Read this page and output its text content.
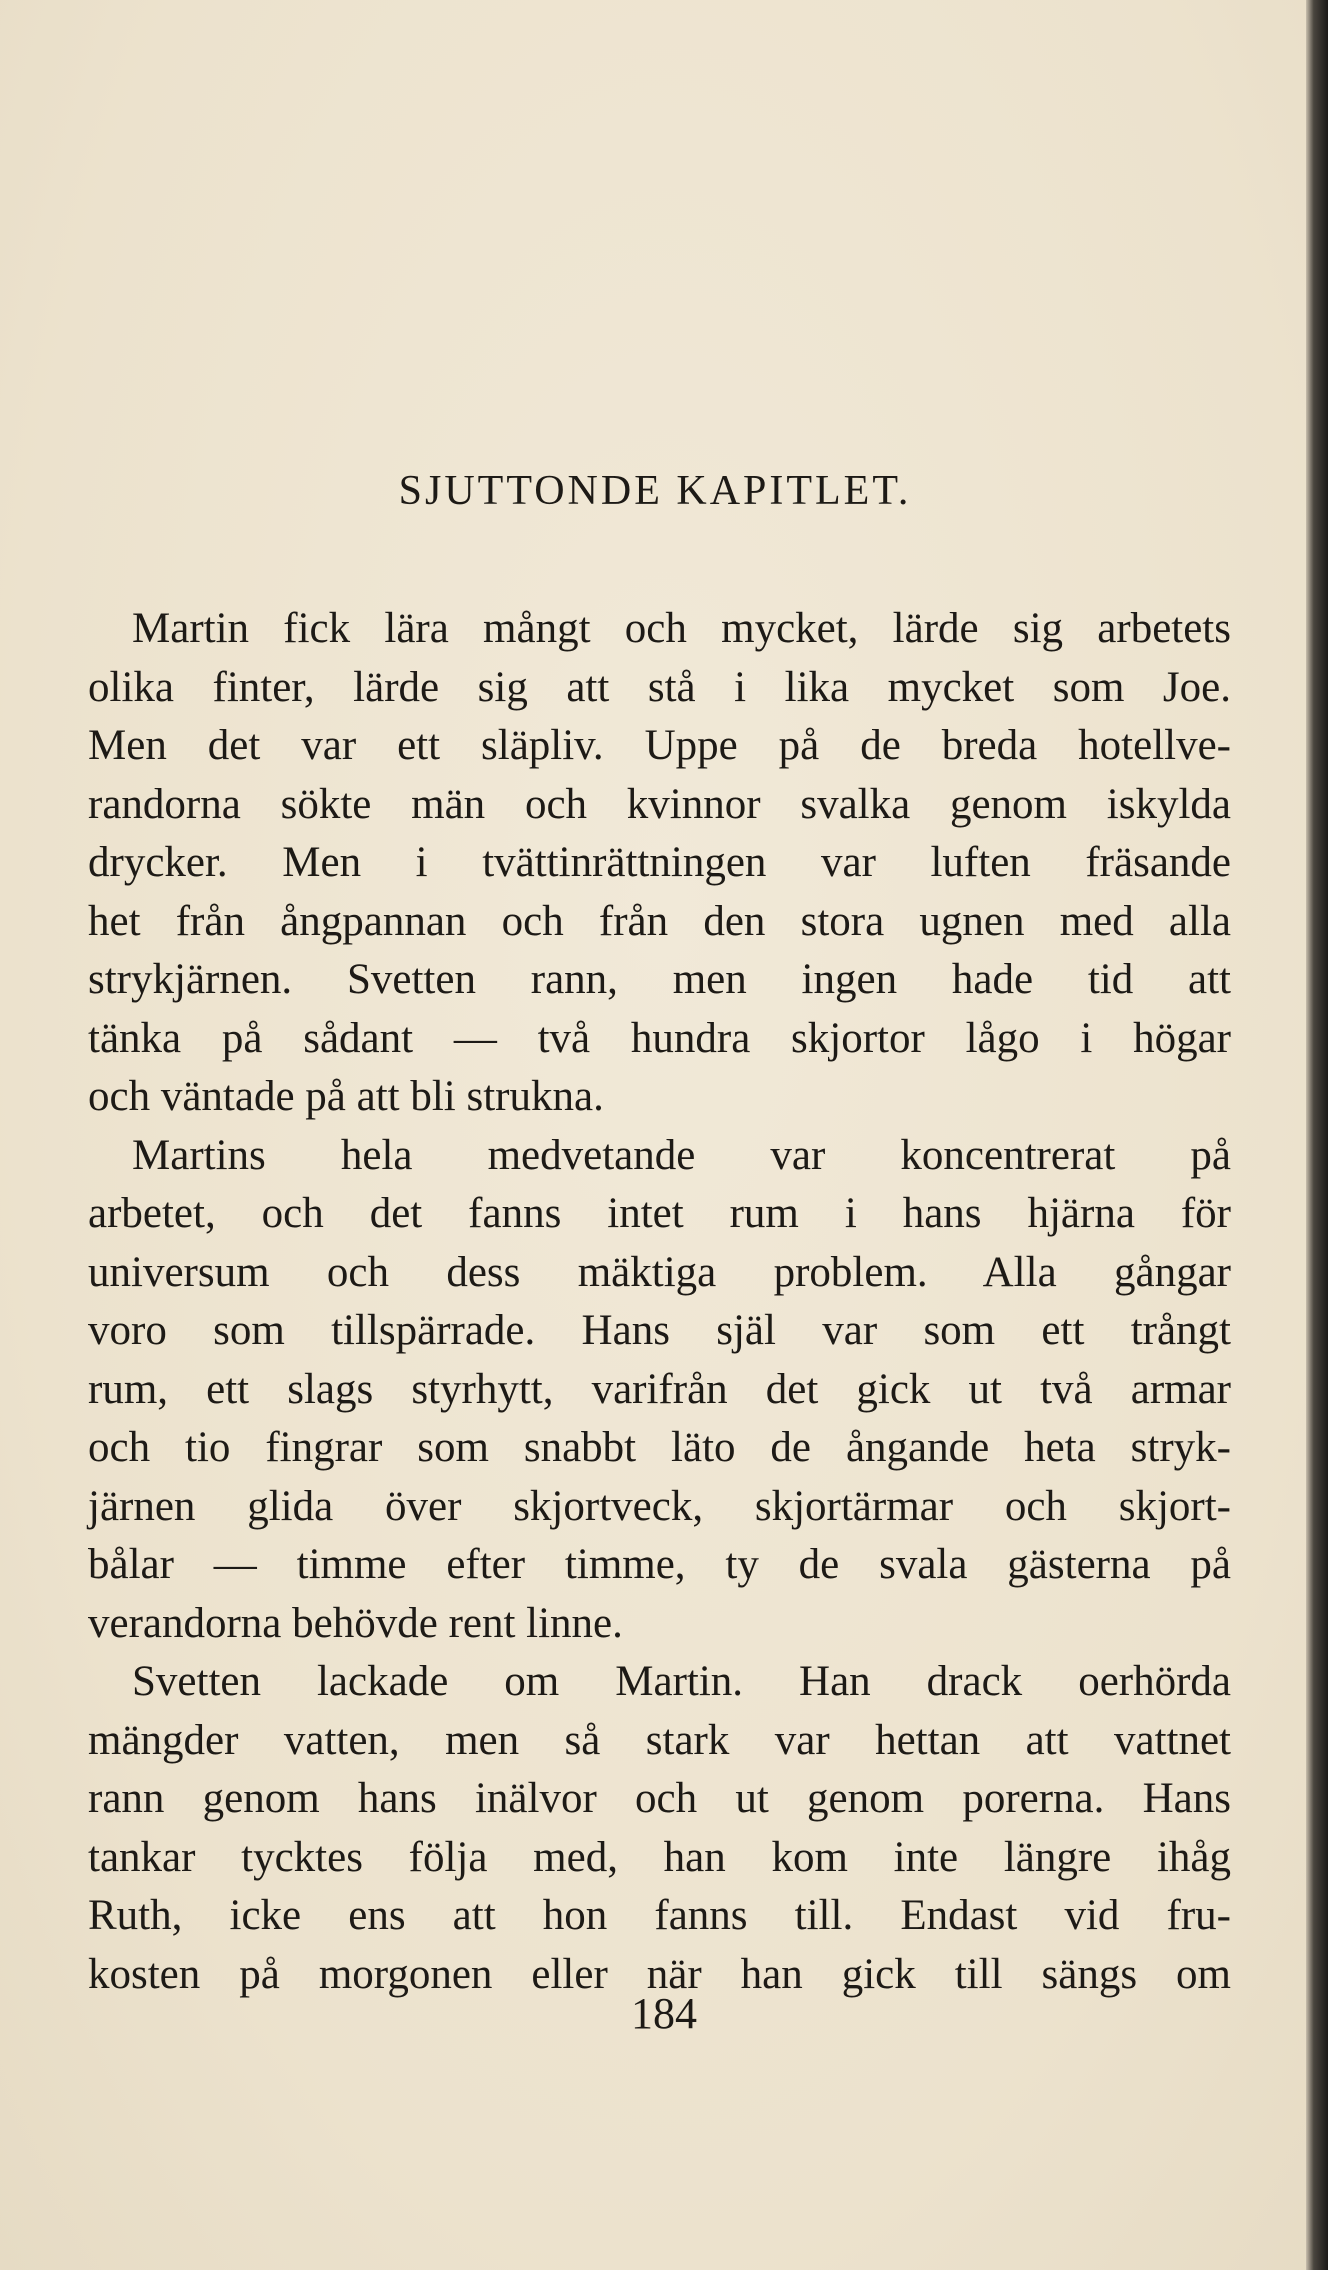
SJUTTONDE KAPITLET.
Martin fick lära mångt och mycket, lärde sig arbetets
olika finter, lärde sig att stå i lika mycket som Joe.
Men det var ett släpliv. Uppe på de breda hotellve-
randorna sökte män och kvinnor svalka genom iskylda
drycker. Men i tvättinrättningen var luften fräsande
het från ångpannan och från den stora ugnen med alla
strykjärnen. Svetten rann, men ingen hade tid att
tänka på sådant — två hundra skjortor lågo i högar
och väntade på att bli strukna.
Martins hela medvetande var koncentrerat på
arbetet, och det fanns intet rum i hans hjärna för
universum och dess mäktiga problem. Alla gångar
voro som tillspärrade. Hans själ var som ett trångt
rum, ett slags styrhytt, varifrån det gick ut två armar
och tio fingrar som snabbt läto de ångande heta stryk-
järnen glida över skjortveck, skjortärmar och skjort-
bålar — timme efter timme, ty de svala gästerna på
verandorna behövde rent linne.
Svetten lackade om Martin. Han drack oerhörda
mängder vatten, men så stark var hettan att vattnet
rann genom hans inälvor och ut genom porerna. Hans
tankar tycktes följa med, han kom inte längre ihåg
Ruth, icke ens att hon fanns till. Endast vid fru-
kosten på morgonen eller när han gick till sängs om
184
